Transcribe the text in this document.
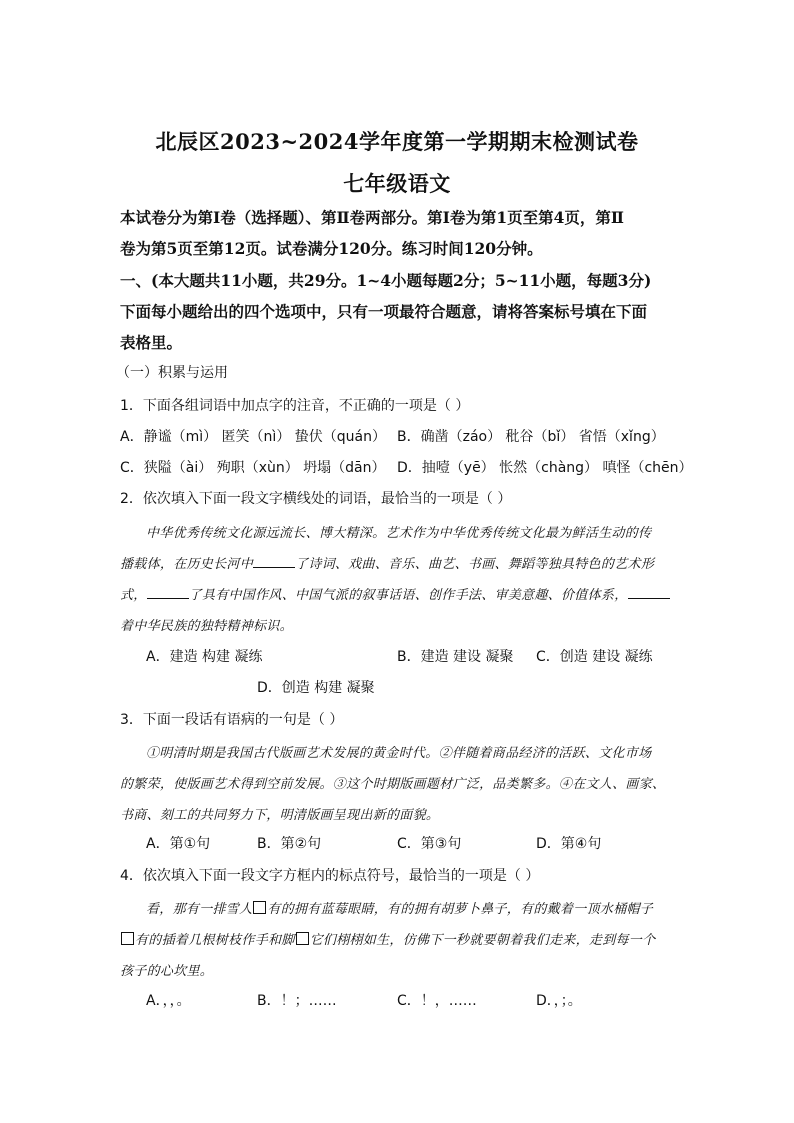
北辰区2023~2024学年度第一学期期末检测试卷
七年级语文
本试卷分为第Ⅰ卷（选择题）、第Ⅱ卷两部分。第Ⅰ卷为第1页至第4页，第Ⅱ
卷为第5页至第12页。试卷满分120分。练习时间120分钟。
一、(本大题共11小题，共29分。1~4小题每题2分；5~11小题，每题3分)
下面每小题给出的四个选项中，只有一项最符合题意，请将答案标号填在下面
表格里。
（一）积累与运用
1．下面各组词语中加点字的注音，不正确的一项是（ ）
A．静谧（mì） 匿笑（nì） 蛰伏（quán） B．确凿（záo） 秕谷（bǐ） 省悟（xǐng）
C．狭隘（ài） 殉职（xùn） 坍塌（dān） D．抽噎（yē） 怅然（chàng） 嗔怪（chēn）
2．依次填入下面一段文字横线处的词语，最恰当的一项是（ ）
中华优秀传统文化源远流长、博大精深。艺术作为中华优秀传统文化最为鲜活生动的传
播载体，在历史长河中	了诗词、戏曲、音乐、曲艺、书画、舞蹈等独具特色的艺术形
式，	了具有中国作风、中国气派的叙事话语、创作手法、审美意趣、价值体系，
着中华民族的独特精神标识。
A．建造 构建 凝练	B．建造 建设 凝聚 C．创造 建设 凝练
D．创造 构建 凝聚
3．下面一段话有语病的一句是（ ）
①明清时期是我国古代版画艺术发展的黄金时代。②伴随着商品经济的活跃、文化市场
的繁荣，使版画艺术得到空前发展。③这个时期版画题材广泛，品类繁多。④在文人、画家、
书商、刻工的共同努力下，明清版画呈现出新的面貌。
A．第①句	B．第②句	C．第③句	D．第④句
4．依次填入下面一段文字方框内的标点符号，最恰当的一项是（ ）
看，那有一排雪人 有的拥有蓝莓眼睛，有的拥有胡萝卜鼻子，有的戴着一顶水桶帽子
有的插着几根树枝作手和脚 它们栩栩如生，仿佛下一秒就要朝着我们走来，走到每一个
孩子的心坎里。
A．，，。	B．！；……	C．！，……	D．，；。
